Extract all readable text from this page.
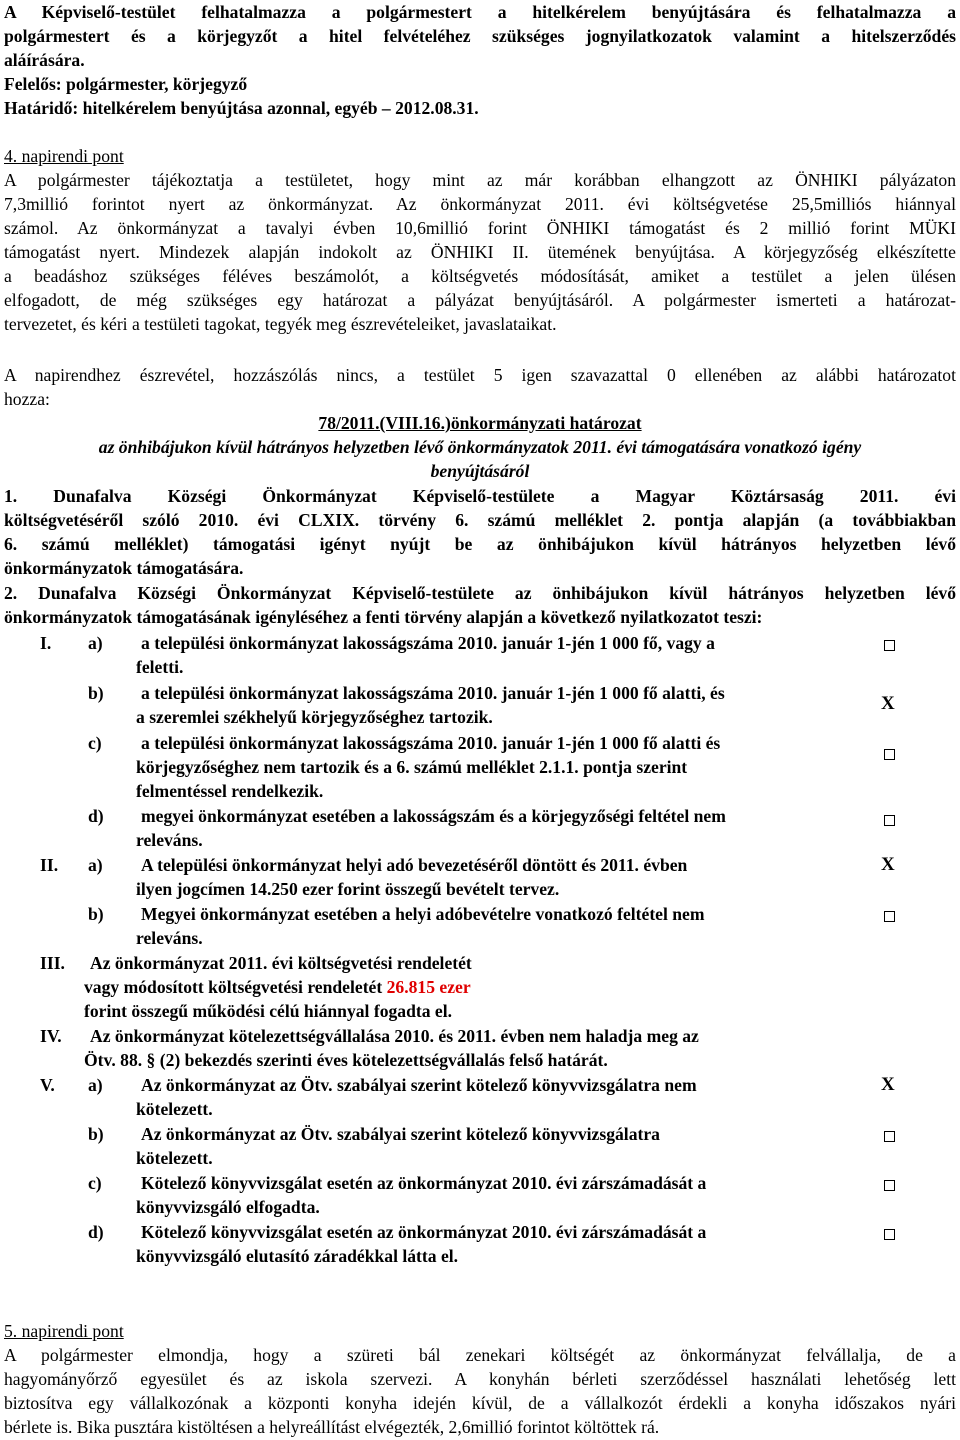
A Képviselő-testület felhatalmazza a polgármestert a hitelkérelem benyújtására és felhatalmazza a
polgármestert és a körjegyzőt a hitel felvételéhez szükséges jognyilatkozatok valamint a hitelszerződés
aláírására.
Felelős: polgármester, körjegyző
Határidő: hitelkérelem benyújtása azonnal, egyéb – 2012.08.31.
4. napirendi pont
A polgármester tájékoztatja a testületet, hogy mint az már korábban elhangzott az ÖNHIKI pályázaton
7,3millió forintot nyert az önkormányzat. Az önkormányzat 2011. évi költségvetése 25,5milliós hiánnyal
számol. Az önkormányzat a tavalyi évben 10,6millió forint ÖNHIKI támogatást és 2 millió forint MÜKI
támogatást nyert. Mindezek alapján indokolt az ÖNHIKI II. ütemének benyújtása. A körjegyzőség elkészítette
a beadáshoz szükséges féléves beszámolót, a költségvetés módosítását, amiket a testület a jelen ülésen
elfogadott, de még szükséges egy határozat a pályázat benyújtásáról. A polgármester ismerteti a határozat-
tervezetet, és kéri a testületi tagokat, tegyék meg észrevételeiket, javaslataikat.
A napirendhez észrevétel, hozzászólás nincs, a testület 5 igen szavazattal 0 ellenében az alábbi határozatot
hozza:
78/2011.(VIII.16.)önkormányzati határozat
az önhibájukon kívül hátrányos helyzetben lévő önkormányzatok 2011. évi támogatására vonatkozó igény
benyújtásáról
1. Dunafalva Községi Önkormányzat Képviselő-testülete a Magyar Köztársaság 2011. évi
költségvetéséről szóló 2010. évi CLXIX. törvény 6. számú melléklet 2. pontja alapján (a továbbiakban
6. számú melléklet) támogatási igényt nyújt be az önhibájukon kívül hátrányos helyzetben lévő
önkormányzatok támogatására.
2. Dunafalva Községi Önkormányzat Képviselő-testülete az önhibájukon kívül hátrányos helyzetben lévő
önkormányzatok támogatásának igényléséhez a fenti törvény alapján a következő nyilatkozatot teszi:
I. a) a települési önkormányzat lakosságszáma 2010. január 1-jén 1 000 fő, vagy a
feletti.
b) a települési önkormányzat lakosságszáma 2010. január 1-jén 1 000 fő alatti, és
a szeremlei székhelyű körjegyzőséghez tartozik.
X
c) a települési önkormányzat lakosságszáma 2010. január 1-jén 1 000 fő alatti és
körjegyzőséghez nem tartozik és a 6. számú melléklet 2.1.1. pontja szerint
felmentéssel rendelkezik.
d) megyei önkormányzat esetében a lakosságszám és a körjegyzőségi feltétel nem
releváns.
II. a) A települési önkormányzat helyi adó bevezetéséről döntött és 2011. évben
ilyen jogcímen 14.250 ezer forint összegű bevételt tervez.
X
b) Megyei önkormányzat esetében a helyi adóbevételre vonatkozó feltétel nem
releváns.
III. Az önkormányzat 2011. évi költségvetési rendeletét
vagy módosított költségvetési rendeletét 26.815 ezer
forint összegű működési célú hiánnyal fogadta el.
IV. Az önkormányzat kötelezettségvállalása 2010. és 2011. évben nem haladja meg az
Ötv. 88. § (2) bekezdés szerinti éves kötelezettségvállalás felső határát.
V. a) Az önkormányzat az Ötv. szabályai szerint kötelező könyvvizsgálatra nem
kötelezett.
X
b) Az önkormányzat az Ötv. szabályai szerint kötelező könyvvizsgálatra
kötelezett.
c) Kötelező könyvvizsgálat esetén az önkormányzat 2010. évi zárszámadását a
könyvvizsgáló elfogadta.
d) Kötelező könyvvizsgálat esetén az önkormányzat 2010. évi zárszámadását a
könyvvizsgáló elutasító záradékkal látta el.
5. napirendi pont
A polgármester elmondja, hogy a szüreti bál zenekari költségét az önkormányzat felvállalja, de a
hagyományőrző egyesület és az iskola szervezi. A konyhán bérleti szerződéssel használati lehetőség lett
biztosítva egy vállalkozónak a központi konyha idején kívül, de a vállalkozót érdekli a konyha időszakos nyári
bérlete is. Bika pusztára kistöltésen a helyreállítást elvégezték, 2,6millió forintot költöttek rá.
